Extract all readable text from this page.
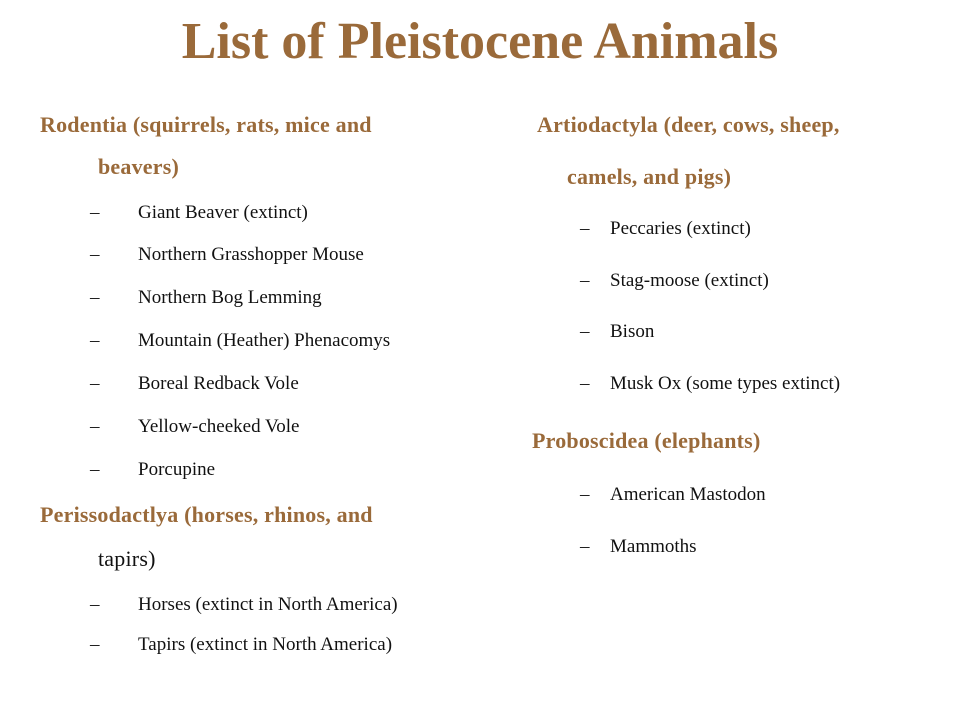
List of Pleistocene Animals
Rodentia (squirrels, rats, mice and
beavers)
– Giant Beaver (extinct)
– Northern Grasshopper Mouse
– Northern Bog Lemming
– Mountain (Heather) Phenacomys
– Boreal Redback Vole
– Yellow-cheeked Vole
– Porcupine
Perissodactlya (horses, rhinos, and
tapirs)
– Horses (extinct in North America)
– Tapirs (extinct in North America)
Artiodactyla (deer, cows, sheep,
camels, and pigs)
– Peccaries (extinct)
– Stag-moose (extinct)
– Bison
– Musk Ox (some types extinct)
Proboscidea (elephants)
– American Mastodon
– Mammoths
